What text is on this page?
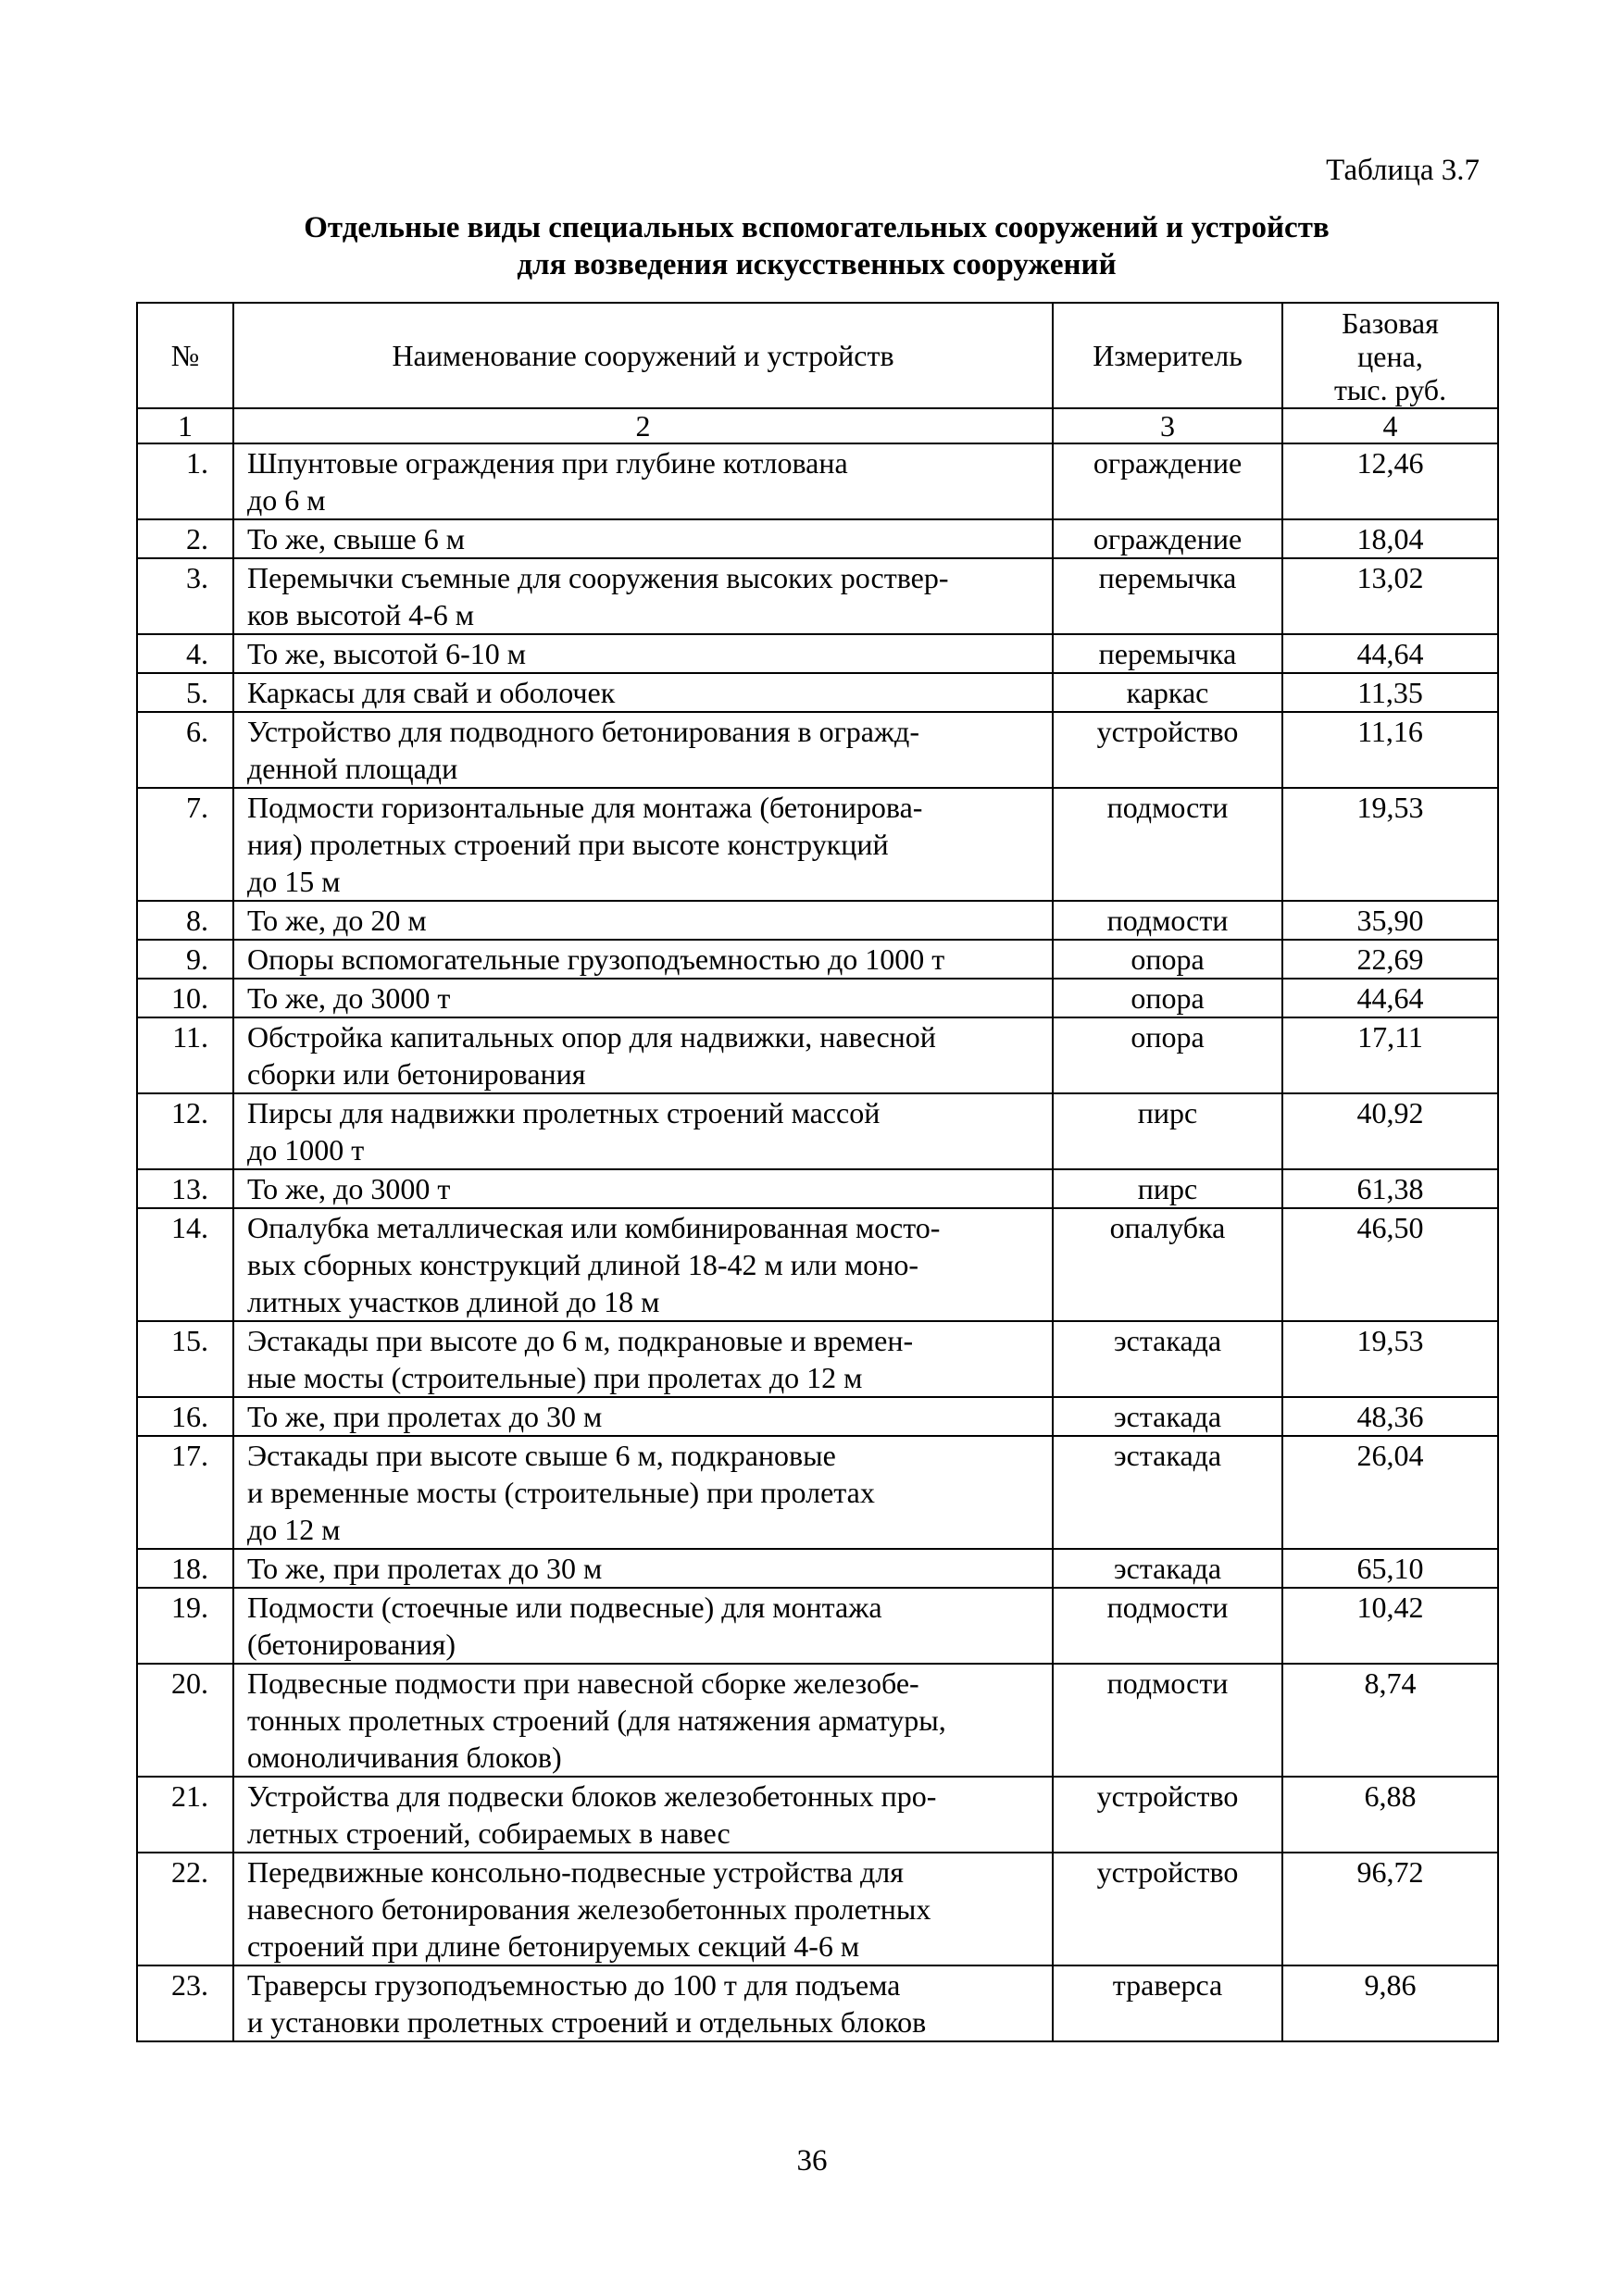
Таблица 3.7
Отдельные виды специальных вспомогательных сооружений и устройств
для возведения искусственных сооружений
№	Наименование сооружений и устройств	Измеритель	Базовая
цена,
тыс. руб.

1	2	3	4
1.	Шпунтовые ограждения при глубине котлована
до 6 м	ограждение	12,46
2.	То же, свыше 6 м	ограждение	18,04
3.	Перемычки съемные для сооружения высоких роствер-
ков высотой 4-6 м	перемычка	13,02
4.	То же, высотой 6-10 м	перемычка	44,64
5.	Каркасы для свай и оболочек	каркас	11,35
6.	Устройство для подводного бетонирования в огражд-
денной площади	устройство	11,16
7.	Подмости горизонтальные для монтажа (бетонирова-
ния) пролетных строений при высоте конструкций
до 15 м	подмости	19,53
8.	То же, до 20 м	подмости	35,90
9.	Опоры вспомогательные грузоподъемностью до 1000 т	опора	22,69
10.	То же, до 3000 т	опора	44,64
11.	Обстройка капитальных опор для надвижки, навесной
сборки или бетонирования	опора	17,11
12.	Пирсы для надвижки пролетных строений массой
до 1000 т	пирс	40,92
13.	То же, до 3000 т	пирс	61,38
14.	Опалубка металлическая или комбинированная мосто-
вых сборных конструкций длиной 18-42 м или моно-
литных участков длиной до 18 м	опалубка	46,50
15.	Эстакады при высоте до 6 м, подкрановые и времен-
ные мосты (строительные) при пролетах до 12 м	эстакада	19,53
16.	То же, при пролетах до 30 м	эстакада	48,36
17.	Эстакады при высоте свыше 6 м, подкрановые
и временные мосты (строительные) при пролетах
до 12 м	эстакада	26,04
18.	То же, при пролетах до 30 м	эстакада	65,10
19.	Подмости (стоечные или подвесные) для монтажа
(бетонирования)	подмости	10,42
20.	Подвесные подмости при навесной сборке железобе-
тонных пролетных строений (для натяжения арматуры,
омоноличивания блоков)	подмости	8,74
21.	Устройства для подвески блоков железобетонных про-
летных строений, собираемых в навес	устройство	6,88
22.	Передвижные консольно-подвесные устройства для
навесного бетонирования железобетонных пролетных
строений при длине бетонируемых секций 4-6 м	устройство	96,72
23.	Траверсы грузоподъемностью до 100 т для подъема
и установки пролетных строений и отдельных блоков	траверса	9,86
36
